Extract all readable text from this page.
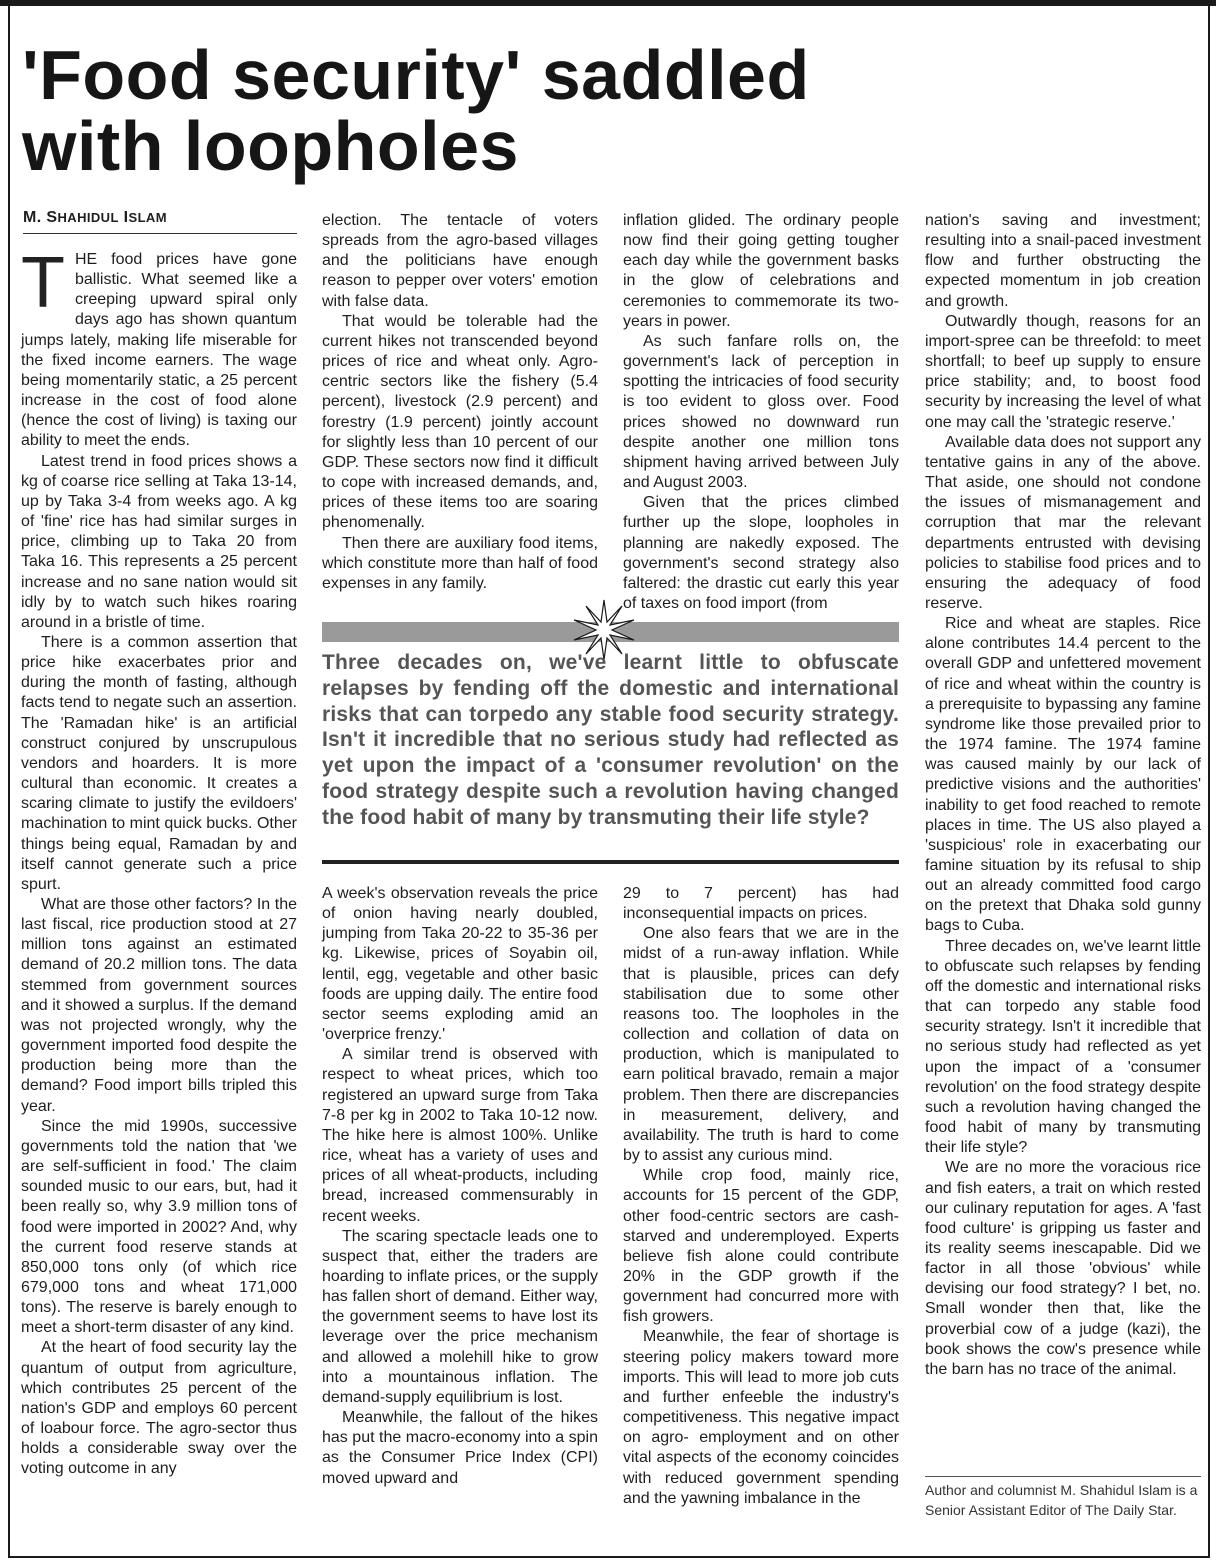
'Food security' saddled
with loopholes
M. SHAHIDUL ISLAM

THE food prices have gone ballistic. What seemed like a creeping upward spiral only days ago has shown quantum jumps lately, making life miserable for the fixed income earners. The wage being momentarily static, a 25 percent increase in the cost of food alone (hence the cost of living) is taxing our ability to meet the ends.

Latest trend in food prices shows a kg of coarse rice selling at Taka 13-14, up by Taka 3-4 from weeks ago. A kg of 'fine' rice has had similar surges in price, climbing up to Taka 20 from Taka 16. This represents a 25 percent increase and no sane nation would sit idly by to watch such hikes roaring around in a bristle of time.

There is a common assertion that price hike exacerbates prior and during the month of fasting, although facts tend to negate such an assertion. The 'Ramadan hike' is an artificial construct conjured by unscrupulous vendors and hoarders. It is more cultural than economic. It creates a scaring climate to justify the evildoers' machination to mint quick bucks. Other things being equal, Ramadan by and itself cannot generate such a price spurt.

What are those other factors? In the last fiscal, rice production stood at 27 million tons against an estimated demand of 20.2 million tons. The data stemmed from government sources and it showed a surplus. If the demand was not projected wrongly, why the government imported food despite the production being more than the demand? Food import bills tripled this year.

Since the mid 1990s, successive governments told the nation that 'we are self-sufficient in food.' The claim sounded music to our ears, but, had it been really so, why 3.9 million tons of food were imported in 2002? And, why the current food reserve stands at 850,000 tons only (of which rice 679,000 tons and wheat 171,000 tons). The reserve is barely enough to meet a short-term disaster of any kind.

At the heart of food security lay the quantum of output from agriculture, which contributes 25 percent of the nation's GDP and employs 60 percent of loabour force. The agro-sector thus holds a considerable sway over the voting outcome in any

election. The tentacle of voters spreads from the agro-based villages and the politicians have enough reason to pepper over voters' emotion with false data.

That would be tolerable had the current hikes not transcended beyond prices of rice and wheat only. Agro-centric sectors like the fishery (5.4 percent), livestock (2.9 percent) and forestry (1.9 percent) jointly account for slightly less than 10 percent of our GDP. These sectors now find it difficult to cope with increased demands, and, prices of these items too are soaring phenomenally.

Then there are auxiliary food items, which constitute more than half of food expenses in any family.

inflation glided. The ordinary people now find their going getting tougher each day while the government basks in the glow of celebrations and ceremonies to commemorate its two-years in power.

As such fanfare rolls on, the government's lack of perception in spotting the intricacies of food security is too evident to gloss over. Food prices showed no downward run despite another one million tons shipment having arrived between July and August 2003.

Given that the prices climbed further up the slope, loopholes in planning are nakedly exposed. The government's second strategy also faltered: the drastic cut early this year of taxes on food import (from

Three decades on, we've learnt little to obfuscate relapses by fending off the domestic and international risks that can torpedo any stable food security strategy. Isn't it incredible that no serious study had reflected as yet upon the impact of a 'consumer revolution' on the food strategy despite such a revolution having changed the food habit of many by transmuting their life style?

A week's observation reveals the price of onion having nearly doubled, jumping from Taka 20-22 to 35-36 per kg. Likewise, prices of Soyabin oil, lentil, egg, vegetable and other basic foods are upping daily. The entire food sector seems exploding amid an 'overprice frenzy.'

A similar trend is observed with respect to wheat prices, which too registered an upward surge from Taka 7-8 per kg in 2002 to Taka 10-12 now. The hike here is almost 100%. Unlike rice, wheat has a variety of uses and prices of all wheat-products, including bread, increased commensurably in recent weeks.

The scaring spectacle leads one to suspect that, either the traders are hoarding to inflate prices, or the supply has fallen short of demand. Either way, the government seems to have lost its leverage over the price mechanism and allowed a molehill hike to grow into a mountainous inflation. The demand-supply equilibrium is lost.

Meanwhile, the fallout of the hikes has put the macro-economy into a spin as the Consumer Price Index (CPI) moved upward and

29 to 7 percent) has had inconsequential impacts on prices.

One also fears that we are in the midst of a run-away inflation. While that is plausible, prices can defy stabilisation due to some other reasons too. The loopholes in the collection and collation of data on production, which is manipulated to earn political bravado, remain a major problem. Then there are discrepancies in measurement, delivery, and availability. The truth is hard to come by to assist any curious mind.

While crop food, mainly rice, accounts for 15 percent of the GDP, other food-centric sectors are cash-starved and underemployed. Experts believe fish alone could contribute 20% in the GDP growth if the government had concurred more with fish growers.

Meanwhile, the fear of shortage is steering policy makers toward more imports. This will lead to more job cuts and further enfeeble the industry's competitiveness. This negative impact on agro- employment and on other vital aspects of the economy coincides with reduced government spending and the yawning imbalance in the

nation's saving and investment; resulting into a snail-paced investment flow and further obstructing the expected momentum in job creation and growth.

Outwardly though, reasons for an import-spree can be threefold: to meet shortfall; to beef up supply to ensure price stability; and, to boost food security by increasing the level of what one may call the 'strategic reserve.'

Available data does not support any tentative gains in any of the above. That aside, one should not condone the issues of mismanagement and corruption that mar the relevant departments entrusted with devising policies to stabilise food prices and to ensuring the adequacy of food reserve.

Rice and wheat are staples. Rice alone contributes 14.4 percent to the overall GDP and unfettered movement of rice and wheat within the country is a prerequisite to bypassing any famine syndrome like those prevailed prior to the 1974 famine. The 1974 famine was caused mainly by our lack of predictive visions and the authorities' inability to get food reached to remote places in time. The US also played a 'suspicious' role in exacerbating our famine situation by its refusal to ship out an already committed food cargo on the pretext that Dhaka sold gunny bags to Cuba.

Three decades on, we've learnt little to obfuscate such relapses by fending off the domestic and international risks that can torpedo any stable food security strategy. Isn't it incredible that no serious study had reflected as yet upon the impact of a 'consumer revolution' on the food strategy despite such a revolution having changed the food habit of many by transmuting their life style?

We are no more the voracious rice and fish eaters, a trait on which rested our culinary reputation for ages. A 'fast food culture' is gripping us faster and its reality seems inescapable. Did we factor in all those 'obvious' while devising our food strategy? I bet, no. Small wonder then that, like the proverbial cow of a judge (kazi), the book shows the cow's presence while the barn has no trace of the animal.

Author and columnist M. Shahidul Islam is a Senior Assistant Editor of The Daily Star.
